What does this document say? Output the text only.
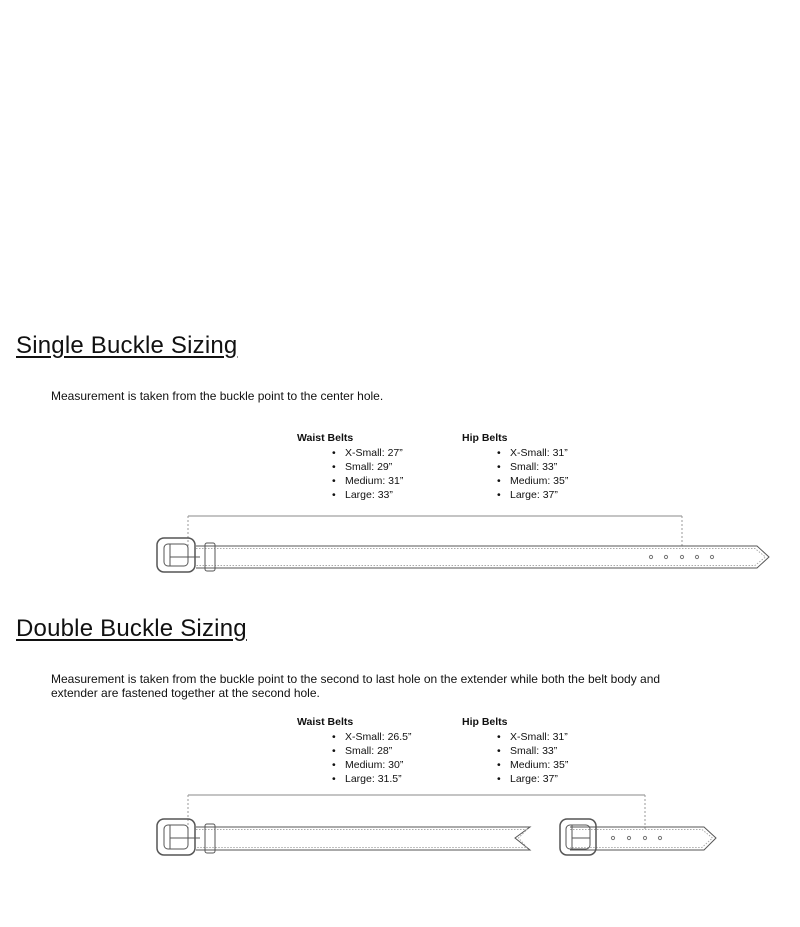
Single Buckle Sizing

Measurement is taken from the buckle point to the center hole.

Waist Belts

• X-Small: 27”
• Small: 29”
• Medium: 31”
• Large: 33”

Hip Belts

• X-Small: 31”
• Small: 33”
• Medium: 35”
• Large: 37”
Double Buckle Sizing

Measurement is taken from the buckle point to the second to last hole on the extender while both the belt body and extender are fastened together at the second hole.

Waist Belts

• X-Small: 26.5”
• Small: 28”
• Medium: 30”
• Large: 31.5”

Hip Belts

• X-Small: 31”
• Small: 33”
• Medium: 35”
• Large: 37”
